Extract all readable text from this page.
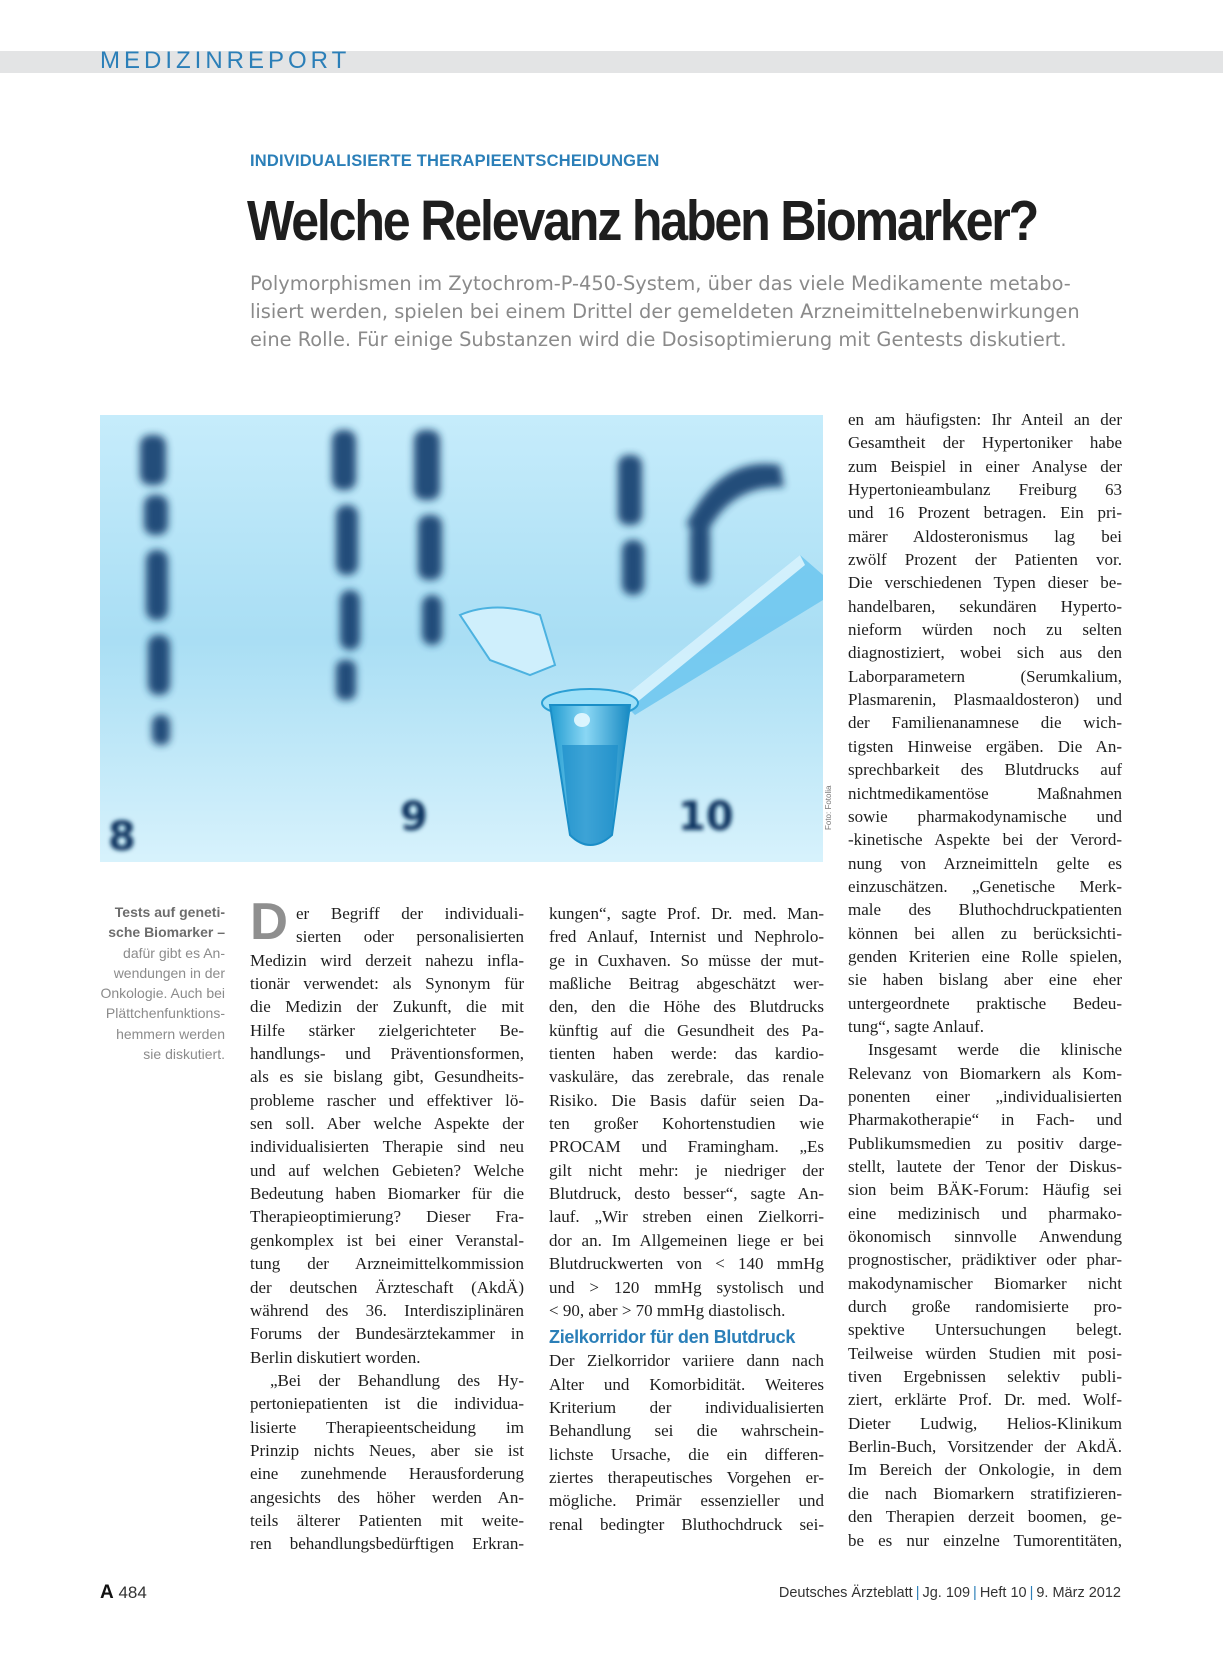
MEDIZINREPORT
INDIVIDUALISIERTE THERAPIEENTSCHEIDUNGEN
Welche Relevanz haben Biomarker?
Polymorphismen im Zytochrom-P-450-System, über das viele Medikamente metabo-
lisiert werden, spielen bei einem Drittel der gemeldeten Arzneimittelnebenwirkungen
eine Rolle. Für einige Substanzen wird die Dosisoptimierung mit Gentests diskutiert.
8	9	10	Foto: Fotolia
Tests auf geneti-
sche Biomarker –
dafür gibt es An-
wendungen in der
Onkologie. Auch bei
Plättchenfunktions-
hemmern werden
sie diskutiert.
D er Begriff der individuali-
sierten oder personalisierten
Medizin wird derzeit nahezu infla-
tionär verwendet: als Synonym für
die Medizin der Zukunft, die mit
Hilfe stärker zielgerichteter Be-
handlungs- und Präventionsformen,
als es sie bislang gibt, Gesundheits-
probleme rascher und effektiver lö-
sen soll. Aber welche Aspekte der
individualisierten Therapie sind neu
und auf welchen Gebieten? Welche
Bedeutung haben Biomarker für die
Therapieoptimierung? Dieser Fra-
genkomplex ist bei einer Veranstal-
tung der Arzneimittelkommission
der deutschen Ärzteschaft (AkdÄ)
während des 36. Interdisziplinären
Forums der Bundesärztekammer in
Berlin diskutiert worden.
„Bei der Behandlung des Hy-
pertoniepatienten ist die individua-
lisierte Therapieentscheidung im
Prinzip nichts Neues, aber sie ist
eine zunehmende Herausforderung
angesichts des höher werden An-
teils älterer Patienten mit weite-
ren behandlungsbedürftigen Erkran-
kungen“, sagte Prof. Dr. med. Man-
fred Anlauf, Internist und Nephrolo-
ge in Cuxhaven. So müsse der mut-
maßliche Beitrag abgeschätzt wer-
den, den die Höhe des Blutdrucks
künftig auf die Gesundheit des Pa-
tienten haben werde: das kardio-
vaskuläre, das zerebrale, das renale
Risiko. Die Basis dafür seien Da-
ten großer Kohortenstudien wie
PROCAM und Framingham. „Es
gilt nicht mehr: je niedriger der
Blutdruck, desto besser“, sagte An-
lauf. „Wir streben einen Zielkorri-
dor an. Im Allgemeinen liege er bei
Blutdruckwerten von < 140 mmHg
und > 120 mmHg systolisch und
< 90, aber > 70 mmHg diastolisch.
Zielkorridor für den Blutdruck
Der Zielkorridor variiere dann nach
Alter und Komorbidität. Weiteres
Kriterium der individualisierten
Behandlung sei die wahrschein-
lichste Ursache, die ein differen-
ziertes therapeutisches Vorgehen er-
mögliche. Primär essenzieller und
renal bedingter Bluthochdruck sei-
en am häufigsten: Ihr Anteil an der
Gesamtheit der Hypertoniker habe
zum Beispiel in einer Analyse der
Hypertonieambulanz Freiburg 63
und 16 Prozent betragen. Ein pri-
märer Aldosteronismus lag bei
zwölf Prozent der Patienten vor.
Die verschiedenen Typen dieser be-
handelbaren, sekundären Hyperto-
nieform würden noch zu selten
diagnostiziert, wobei sich aus den
Laborparametern (Serumkalium,
Plasmarenin, Plasmaaldosteron) und
der Familienanamnese die wich-
tigsten Hinweise ergäben. Die An-
sprechbarkeit des Blutdrucks auf
nichtmedikamentöse Maßnahmen
sowie pharmakodynamische und
-kinetische Aspekte bei der Verord-
nung von Arzneimitteln gelte es
einzuschätzen. „Genetische Merk-
male des Bluthochdruckpatienten
können bei allen zu berücksichti-
genden Kriterien eine Rolle spielen,
sie haben bislang aber eine eher
untergeordnete praktische Bedeu-
tung“, sagte Anlauf.
Insgesamt werde die klinische
Relevanz von Biomarkern als Kom-
ponenten einer „individualisierten
Pharmakotherapie“ in Fach- und
Publikumsmedien zu positiv darge-
stellt, lautete der Tenor der Diskus-
sion beim BÄK-Forum: Häufig sei
eine medizinisch und pharmako-
ökonomisch sinnvolle Anwendung
prognostischer, prädiktiver oder phar-
makodynamischer Biomarker nicht
durch große randomisierte pro-
spektive Untersuchungen belegt.
Teilweise würden Studien mit posi-
tiven Ergebnissen selektiv publi-
ziert, erklärte Prof. Dr. med. Wolf-
Dieter Ludwig, Helios-Klinikum
Berlin-Buch, Vorsitzender der AkdÄ.
Im Bereich der Onkologie, in dem
die nach Biomarkern stratifizieren-
den Therapien derzeit boomen, ge-
be es nur einzelne Tumorentitäten,
A 484	Deutsches Ärzteblatt | Jg. 109 | Heft 10 | 9. März 2012
